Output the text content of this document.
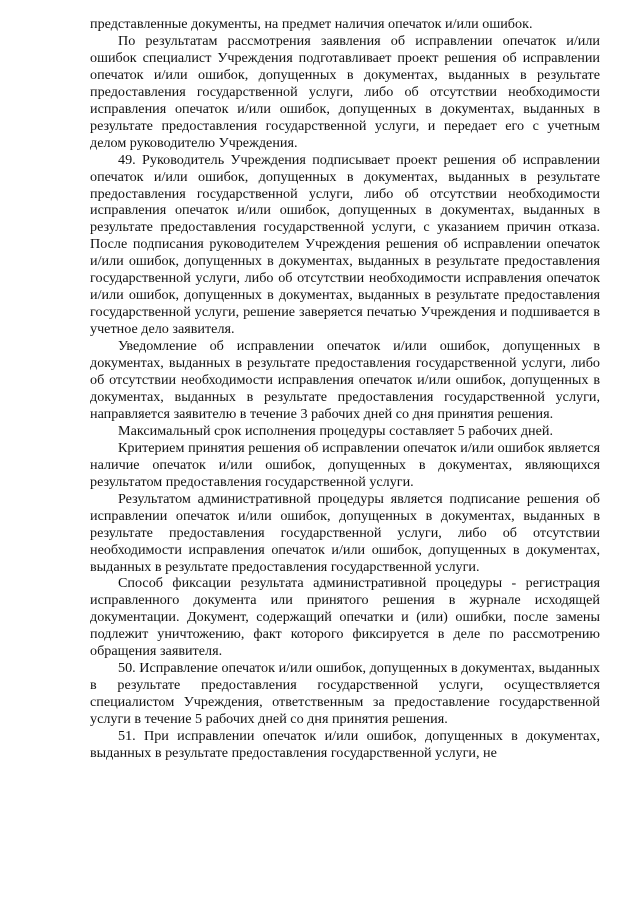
представленные документы, на предмет наличия опечаток и/или ошибок.

По результатам рассмотрения заявления об исправлении опечаток и/или ошибок специалист Учреждения подготавливает проект решения об исправлении опечаток и/или ошибок, допущенных в документах, выданных в результате предоставления государственной услуги, либо об отсутствии необходимости исправления опечаток и/или ошибок, допущенных в документах, выданных в результате предоставления государственной услуги, и передает его с учетным делом руководителю Учреждения.

49. Руководитель Учреждения подписывает проект решения об исправлении опечаток и/или ошибок, допущенных в документах, выданных в результате предоставления государственной услуги, либо об отсутствии необходимости исправления опечаток и/или ошибок, допущенных в документах, выданных в результате предоставления государственной услуги, с указанием причин отказа. После подписания руководителем Учреждения решения об исправлении опечаток и/или ошибок, допущенных в документах, выданных в результате предоставления государственной услуги, либо об отсутствии необходимости исправления опечаток и/или ошибок, допущенных в документах, выданных в результате предоставления государственной услуги, решение заверяется печатью Учреждения и подшивается в учетное дело заявителя.

Уведомление об исправлении опечаток и/или ошибок, допущенных в документах, выданных в результате предоставления государственной услуги, либо об отсутствии необходимости исправления опечаток и/или ошибок, допущенных в документах, выданных в результате предоставления государственной услуги, направляется заявителю в течение 3 рабочих дней со дня принятия решения.

Максимальный срок исполнения процедуры составляет 5 рабочих дней.

Критерием принятия решения об исправлении опечаток и/или ошибок является наличие опечаток и/или ошибок, допущенных в документах, являющихся результатом предоставления государственной услуги.

Результатом административной процедуры является подписание решения об исправлении опечаток и/или ошибок, допущенных в документах, выданных в результате предоставления государственной услуги, либо об отсутствии необходимости исправления опечаток и/или ошибок, допущенных в документах, выданных в результате предоставления государственной услуги.

Способ фиксации результата административной процедуры - регистрация исправленного документа или принятого решения в журнале исходящей документации. Документ, содержащий опечатки и (или) ошибки, после замены подлежит уничтожению, факт которого фиксируется в деле по рассмотрению обращения заявителя.

50. Исправление опечаток и/или ошибок, допущенных в документах, выданных в результате предоставления государственной услуги, осуществляется специалистом Учреждения, ответственным за предоставление государственной услуги в течение 5 рабочих дней со дня принятия решения.

51. При исправлении опечаток и/или ошибок, допущенных в документах, выданных в результате предоставления государственной услуги, не
